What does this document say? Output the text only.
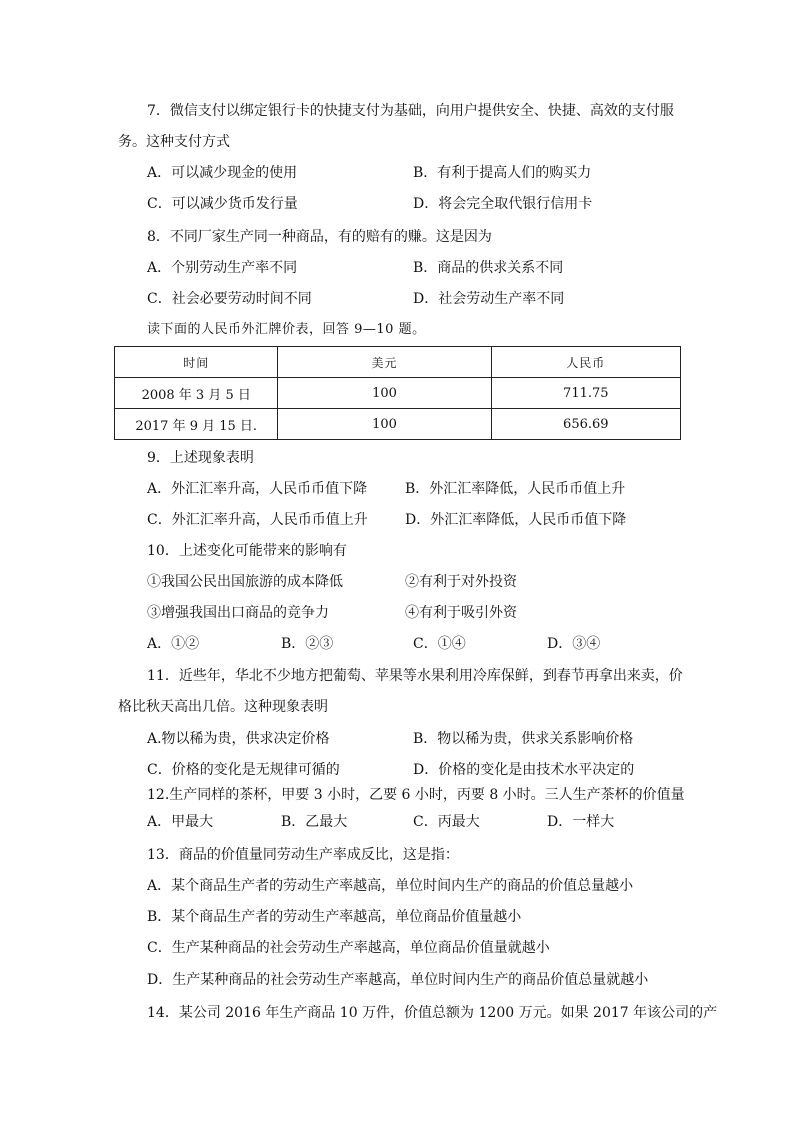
7．微信支付以绑定银行卡的快捷支付为基础，向用户提供安全、快捷、高效的支付服
务。这种支付方式
A．可以减少现金的使用	B．有利于提高人们的购买力
C．可以减少货币发行量	D．将会完全取代银行信用卡
8．不同厂家生产同一种商品，有的赔有的赚。这是因为
A．个别劳动生产率不同	B．商品的供求关系不同
C．社会必要劳动时间不同	D．社会劳动生产率不同
读下面的人民币外汇牌价表，回答 9—10 题。
时间	美元	人民币
2008 年 3 月 5 日	100	711.75
2017 年 9 月 15 日.	100	656.69
9．上述现象表明
A．外汇汇率升高，人民币币值下降	B．外汇汇率降低，人民币币值上升
C．外汇汇率升高，人民币币值上升	D．外汇汇率降低，人民币币值下降
10．上述变化可能带来的影响有
①我国公民出国旅游的成本降低	②有利于对外投资
③增强我国出口商品的竞争力	④有利于吸引外资
A．①②	B．②③	C．①④	D．③④
11．近些年，华北不少地方把葡萄、苹果等水果利用冷库保鲜，到春节再拿出来卖，价
格比秋天高出几倍。这种现象表明
A.物以稀为贵，供求决定价格	B．物以稀为贵，供求关系影响价格
C．价格的变化是无规律可循的	D．价格的变化是由技术水平决定的
12.生产同样的茶杯，甲要 3 小时，乙要 6 小时，丙要 8 小时。三人生产茶杯的价值量
A．甲最大	B．乙最大	C．丙最大	D．一样大
13．商品的价值量同劳动生产率成反比，这是指：
A．某个商品生产者的劳动生产率越高，单位时间内生产的商品的价值总量越小
B．某个商品生产者的劳动生产率越高，单位商品价值量越小
C．生产某种商品的社会劳动生产率越高，单位商品价值量就越小
D．生产某种商品的社会劳动生产率越高，单位时间内生产的商品价值总量就越小
14．某公司 2016 年生产商品 10 万件，价值总额为 1200 万元。如果 2017 年该公司的产
